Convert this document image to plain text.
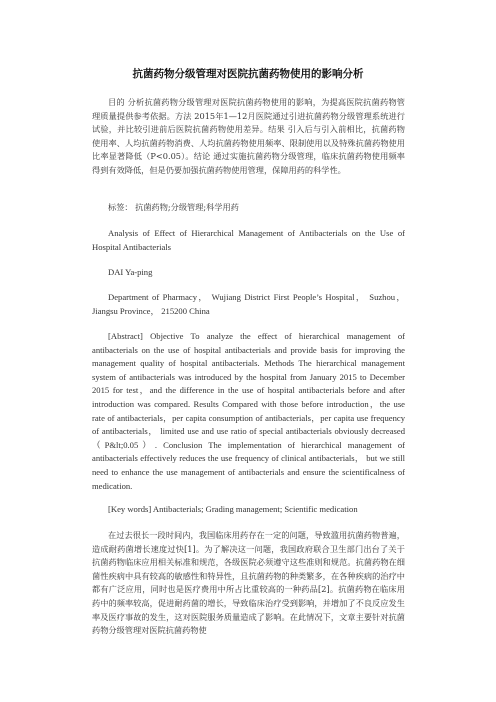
抗菌药物分级管理对医院抗菌药物使用的影响分析

目的 分析抗菌药物分级管理对医院抗菌药物使用的影响，为提高医院抗菌药物管理质量提供参考依据。方法 2015年1—12月医院通过引进抗菌药物分级管理系统进行试验，并比较引进前后医院抗菌药物使用差异。结果 引入后与引入前相比，抗菌药物使用率、人均抗菌药物消费、人均抗菌药物使用频率、限制使用以及特殊抗菌药物使用比率显著降低（P<0.05）。结论 通过实施抗菌药物分级管理，临床抗菌药物使用频率得到有效降低，但是仍要加强抗菌药物使用管理，保障用药的科学性。

标签： 抗菌药物;分级管理;科学用药

Analysis of Effect of Hierarchical Management of Antibacterials on the Use of Hospital Antibacterials

DAI Ya-ping

Department of Pharmacy， Wujiang District First People’s Hospital， Suzhou， Jiangsu Province， 215200 China

[Abstract] Objective To analyze the effect of hierarchical management of antibacterials on the use of hospital antibacterials and provide basis for improving the management quality of hospital antibacterials. Methods The hierarchical management system of antibacterials was introduced by the hospital from January 2015 to December 2015 for test，and the difference in the use of hospital antibacterials before and after introduction was compared. Results Compared with those before introduction，the use rate of antibacterials，per capita consumption of antibacterials，per capita use frequency of antibacterials， limited use and use ratio of special antibacterials obviously decreased（P&lt;0.05）. Conclusion The implementation of hierarchical management of antibacterials effectively reduces the use frequency of clinical antibacterials， but we still need to enhance the use management of antibacterials and ensure the scientificalness of medication.

[Key words] Antibacterials; Grading management; Scientific medication

在过去很长一段时间内，我国临床用药存在一定的问题，导致滥用抗菌药物普遍，造成耐药菌增长速度过快[1]。为了解决这一问题，我国政府联合卫生部门出台了关于抗菌药物临床应用相关标准和规范，各级医院必须遵守这些准则和规范。抗菌药物在细菌性疾病中具有较高的敏感性和特异性，且抗菌药物的种类繁多，在各种疾病的治疗中都有广泛应用，同时也是医疗费用中所占比重较高的一种药品[2]。抗菌药物在临床用药中的频率较高，促进耐药菌的增长，导致临床治疗受到影响，并增加了不良反应发生率及医疗事故的发生，这对医院服务质量造成了影响。在此情况下，文章主要针对抗菌药物分级管理对医院抗菌药物使
